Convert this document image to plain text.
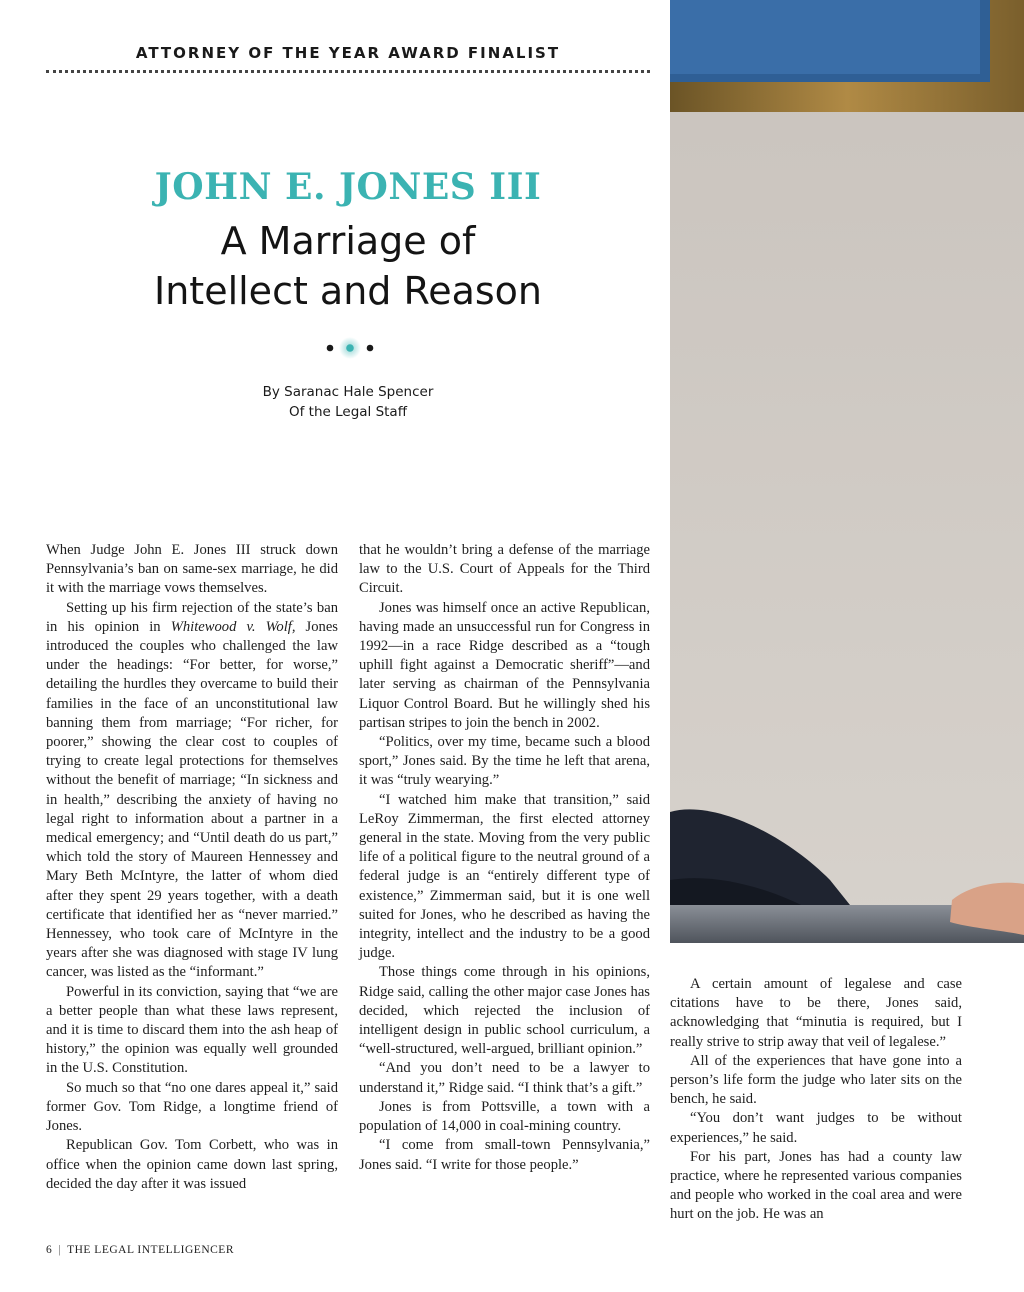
ATTORNEY OF THE YEAR AWARD FINALIST
JOHN E. JONES III
A Marriage of
Intellect and Reason
By Saranac Hale Spencer
Of the Legal Staff

When Judge John E. Jones III struck down Pennsylvania’s ban on same-sex marriage, he did it with the marriage vows themselves.

Setting up his firm rejection of the state’s ban in his opinion in Whitewood v. Wolf, Jones introduced the couples who challenged the law under the headings: “For better, for worse,” detailing the hurdles they overcame to build their families in the face of an unconstitutional law banning them from marriage; “For richer, for poorer,” showing the clear cost to couples of trying to create legal protections for themselves without the benefit of marriage; “In sickness and in health,” describing the anxiety of having no legal right to information about a partner in a medical emergency; and “Until death do us part,” which told the story of Maureen Hennessey and Mary Beth McIntyre, the latter of whom died after they spent 29 years together, with a death certificate that identified her as “never married.” Hennessey, who took care of McIntyre in the years after she was diagnosed with stage IV lung cancer, was listed as the “informant.”

Powerful in its conviction, saying that “we are a better people than what these laws represent, and it is time to discard them into the ash heap of history,” the opinion was equally well grounded in the U.S. Constitution.

So much so that “no one dares appeal it,” said former Gov. Tom Ridge, a longtime friend of Jones.

Republican Gov. Tom Corbett, who was in office when the opinion came down last spring, decided the day after it was issued

that he wouldn’t bring a defense of the marriage law to the U.S. Court of Appeals for the Third Circuit.

Jones was himself once an active Republican, having made an unsuccessful run for Congress in 1992—in a race Ridge described as a “tough uphill fight against a Democratic sheriff”—and later serving as chairman of the Pennsylvania Liquor Control Board. But he willingly shed his partisan stripes to join the bench in 2002.

“Politics, over my time, became such a blood sport,” Jones said. By the time he left that arena, it was “truly wearying.”

“I watched him make that transition,” said LeRoy Zimmerman, the first elected attorney general in the state. Moving from the very public life of a political figure to the neutral ground of a federal judge is an “entirely different type of existence,” Zimmerman said, but it is one well suited for Jones, who he described as having the integrity, intellect and the industry to be a good judge.

Those things come through in his opinions, Ridge said, calling the other major case Jones has decided, which rejected the inclusion of intelligent design in public school curriculum, a “well-structured, well-argued, brilliant opinion.”

“And you don’t need to be a lawyer to understand it,” Ridge said. “I think that’s a gift.”

Jones is from Pottsville, a town with a population of 14,000 in coal-mining country.

“I come from small-town Pennsylvania,” Jones said. “I write for those people.”

A certain amount of legalese and case citations have to be there, Jones said, acknowledging that “minutia is required, but I really strive to strip away that veil of legalese.”

All of the experiences that have gone into a person’s life form the judge who later sits on the bench, he said.

“You don’t want judges to be without experiences,” he said.

For his part, Jones has had a county law practice, where he represented various companies and people who worked in the coal area and were hurt on the job. He was an

6 | THE LEGAL INTELLIGENCER
